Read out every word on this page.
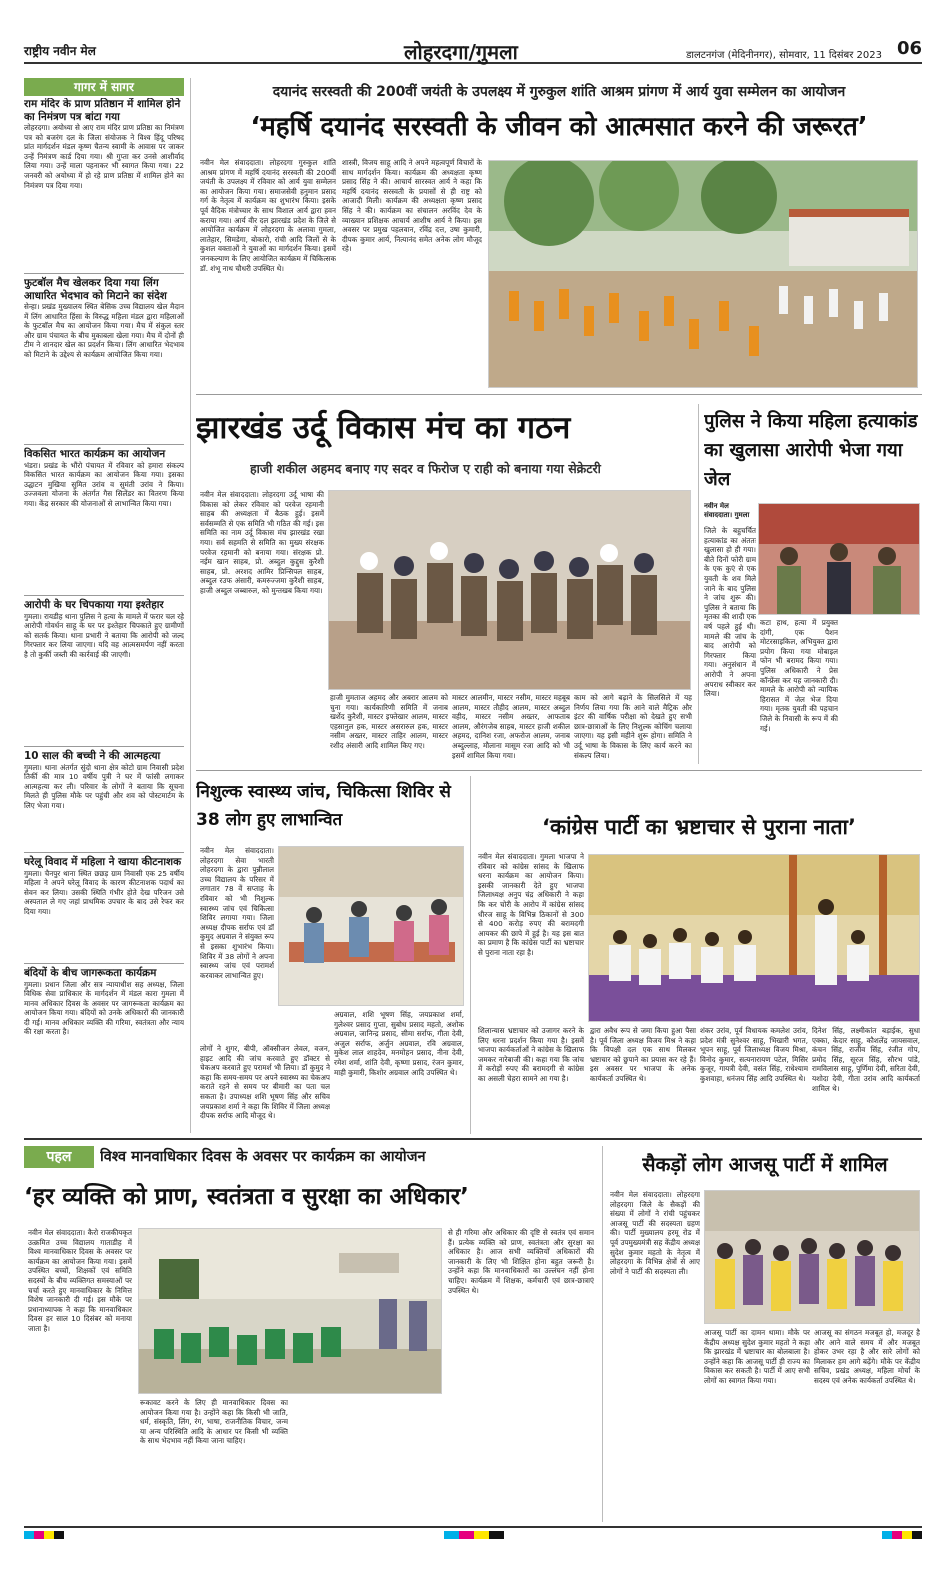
राष्ट्रीय नवीन मेल	लोहरदगा/गुमला	डालटनगंज (मेदिनीनगर), सोमवार, 11 दिसंबर 2023 06
गागर में सागर
राम मंदिर के प्राण प्रतिष्ठान में शामिल होने का निमंत्रण पत्र बांटा गया
लोहरदगा। अयोध्या से आए राम मंदिर प्राण प्रतिष्ठा का निमंत्रण पत्र को बजरंग दल के जिला संयोजक ने विश्व हिंदू परिषद प्रांत मार्गदर्शन मंडल कृष्ण चैतन्य स्वामी के आवास पर जाकर उन्हें निमंत्रण कार्ड दिया गया। श्री गुप्ता कर उनसे आशीर्वाद लिया गया। उन्हें माला पहनाकर भी स्वागत किया गया। 22 जनवरी को अयोध्या में हो रहे प्राण प्रतिष्ठा में शामिल होने का निमंत्रण पत्र दिया गया।
फुटबॉल मैच खेलकर दिया गया लिंग आधारित भेदभाव को मिटाने का संदेश
सेन्हा। प्रखंड मुख्यालय स्थित बेसिक उच्च विद्यालय खेल मैदान में लिंग आधारित हिंसा के विरुद्ध महिला मंडल द्वारा महिलाओं के फुटबॉल मैच का आयोजन किया गया। मैच में संकुल स्तर और ग्राम पंचायत के बीच मुकाबला खेला गया। मैच में दोनों ही टीम ने शानदार खेल का प्रदर्शन किया। लिंग आधारित भेदभाव को मिटाने के उद्देश्य से कार्यक्रम आयोजित किया गया।
विकसित भारत कार्यक्रम का आयोजन
भंडरा। प्रखंड के भौंरो पंचायत में रविवार को हमारा संकल्प विकसित भारत कार्यक्रम का आयोजन किया गया। इसका उद्घाटन मुखिया सुमित उरांव व सुमंती उरांव ने किया। उज्जवला योजना के अंतर्गत गैस सिलेंडर का वितरण किया गया। केंद्र सरकार की योजनाओं से लाभान्वित किया गया।
आरोपी के घर चिपकाया गया इश्तेहार
गुमला। रायडीह थाना पुलिस ने हत्या के मामले में फरार चल रहे आरोपी गोवर्धन साहू के घर पर इश्तेहार चिपकाते हुए ग्रामीणों को सतर्क किया। थाना प्रभारी ने बताया कि आरोपी को जल्द गिरफ्तार कर लिया जाएगा। यदि वह आत्मसमर्पण नहीं करता है तो कुर्की जब्ती की कार्रवाई की जाएगी।
10 साल की बच्ची ने की आत्महत्या
गुमला। थाना अंतर्गत सुंदो थाना क्षेत्र कोटो ग्राम निवासी प्रदेश तिर्की की मात्र 10 वर्षीय पुत्री ने घर में फांसी लगाकर आत्महत्या कर ली। परिवार के लोगों ने बताया कि सूचना मिलते ही पुलिस मौके पर पहुंची और शव को पोस्टमार्टम के लिए भेजा गया।
घरेलू विवाद में महिला ने खाया कीटनाशक
गुमला। चैनपुर थाना स्थित छछड़ ग्राम निवासी एक 25 वर्षीय महिला ने अपने घरेलू विवाद के कारण कीटनाशक पदार्थ का सेवन कर लिया। उसकी स्थिति गंभीर होते देख परिजन उसे अस्पताल ले गए जहां प्राथमिक उपचार के बाद उसे रेफर कर दिया गया।
बंदियों के बीच जागरूकता कार्यक्रम
गुमला। प्रधान जिला और सत्र न्यायाधीश सह अध्यक्ष, जिला विधिक सेवा प्राधिकार के मार्गदर्शन में मंडल कारा गुमला में मानव अधिकार दिवस के अवसर पर जागरूकता कार्यक्रम का आयोजन किया गया। बंदियों को उनके अधिकारों की जानकारी दी गई। मानव अधिकार व्यक्ति की गरिमा, स्वतंत्रता और न्याय की रक्षा करता है।
दयानंद सरस्वती की 200वीं जयंती के उपलक्ष्य में गुरुकुल शांति आश्रम प्रांगण में आर्य युवा सम्मेलन का आयोजन
‘महर्षि दयानंद सरस्वती के जीवन को आत्मसात करने की जरूरत’
नवीन मेल संवाददाता। लोहरदगा गुरुकुल शांति आश्रम प्रांगण में महर्षि दयानंद सरस्वती की 200वीं जयंती के उपलक्ष्य में रविवार को आर्य युवा सम्मेलन का आयोजन किया गया। समाजसेवी हनुमान प्रसाद गर्ग के नेतृत्व में कार्यक्रम का शुभारंभ किया। इसके पूर्व वैदिक मंत्रोच्चार के साथ विशाल आर्य द्वारा हवन कराया गया। आर्य वीर दल झारखंड प्रदेश के जिले से आयोजित कार्यक्रम में लोहरदगा के अलावा गुमला, लातेहार, सिमडेगा, बोकारो, रांची आदि जिलों से के कुशल वक्ताओं ने युवाओं का मार्गदर्शन किया। इसमें जनकल्याण के लिए आयोजित कार्यक्रम में चिकित्सक डॉ. शंभू नाथ चौधरी उपस्थित थे।
शास्त्री, विजय साहू आदि ने अपने महत्वपूर्ण विचारों के साथ मार्गदर्शन किया। कार्यक्रम की अध्यक्षता कृष्ण प्रसाद सिंह ने की। आचार्य सारस्वत आर्य ने कहा कि महर्षि दयानंद सरस्वती के प्रयासों से ही राष्ट्र को आजादी मिली। कार्यक्रम की अध्यक्षता कृष्ण प्रसाद सिंह ने की। कार्यक्रम का संचालन अरविंद देव के व्याख्यान प्रशिक्षक आचार्य आशीष आर्य ने किया। इस अवसर पर प्रमुख पहलवान, रविंद्र दत्त, उषा कुमारी, दीपक कुमार आर्य, नित्यानंद समेत अनेक लोग मौजूद रहे।
झारखंड उर्दू विकास मंच का गठन
हाजी शकील अहमद बनाए गए सदर व फिरोज ए राही को बनाया गया सेक्रेटरी
नवीन मेल संवाददाता। लोहरदगा उर्दू भाषा की विकास को लेकर रविवार को परवेज रहमानी साहब की अध्यक्षता में बैठक हुई। इसमें सर्वसम्मति से एक समिति भी गठित की गई। इस समिति का नाम उर्दू विकास मंच झारखंड रखा गया। सर्व सहमति से समिति का मुख्य संरक्षक परवेज रहमानी को बनाया गया। संरक्षक प्रो. नईम खान साहब, प्रो. अब्दुल कुद्दुस कुरैशी साहब, प्रो. अरशद आमिर प्रिन्सिपल साहब, अब्दुल रउफ अंसारी, कमरुज्जमा कुरैशी साहब, हाजी अब्दुल जब्बारुल, को मुन्तखब किया गया।
हाजी मुमताज अहमद और अबरार आलम को चुना गया। कार्यकारिणी समिति में जनाब खर्शेद कुरैशी, मास्टर इफ्तेखार आलम, मास्टर एहसानुल हक, मास्टर असरारुल हक, मास्टर नसीम अख्तर, मास्टर ताहिर आलम, मास्टर रशीद अंसारी आदि शामिल किए गए।
मास्टर आलमीन, मास्टर नसीम, मास्टर महबूब आलम, मास्टर तौहीद आलम, मास्टर अब्दुल वहीद, मास्टर नसीम अख्तर, आफताब आलम, औरंगजेब साहब, मास्टर हाजी शकील अहमद, दानिश रजा, अफरोज आलम, जनाब अब्दुल्लाह, मौलाना मासूम रजा आदि को भी इसमें शामिल किया गया।
काम को आगे बढ़ाने के सिलसिले में यह निर्णय लिया गया कि आने वाले मैट्रिक और इंटर की वार्षिक परीक्षा को देखते हुए सभी छात्र-छात्राओं के लिए निशुल्क कोचिंग चलाया जाएगा। यह इसी महीने शुरू होगा। समिति ने उर्दू भाषा के विकास के लिए कार्य करने का संकल्प लिया।
पुलिस ने किया महिला हत्याकांड का खुलासा आरोपी भेजा गया जेल
नवीन मेल संवाददाता। गुमला
जिले के बहुचर्चित हत्याकांड का अंततः खुलासा हो ही गया। बीते दिनों फोरी ग्राम के एक कुएं से एक युवती के शव मिले जाने के बाद पुलिस ने जांच शुरू की। पुलिस ने बताया कि मृतका की शादी एक वर्ष पहले हुई थी। मामले की जांच के बाद आरोपी को गिरफ्तार किया गया। अनुसंधान में आरोपी ने अपना अपराध स्वीकार कर लिया।
कटा हाथ, हत्या में प्रयुक्त दांगी, एक पैशन मोटरसाइकिल, अभियुक्त द्वारा प्रयोग किया गया मोबाइल फोन भी बरामद किया गया। पुलिस अधिकारी ने प्रेस कॉन्फ्रेंस कर यह जानकारी दी। मामले के आरोपी को न्यायिक हिरासत में जेल भेज दिया गया। मृतक युवती की पहचान जिले के निवासी के रूप में की गई।
निशुल्क स्वास्थ्य जांच, चिकित्सा शिविर से 38 लोग हुए लाभान्वित
नवीन मेल संवाददाता। लोहरदगा सेवा भारती लोहरदगा के द्वारा पुन्नीलाल उच्च विद्यालय के परिसर में लगातार 78 वें सप्ताह के रविवार को भी निशुल्क स्वास्थ्य जांच एवं चिकित्सा शिविर लगाया गया। जिला अध्यक्ष दीपक सर्राफ एवं डॉ कुमुद अग्रवाल ने संयुक्त रूप से इसका शुभारंभ किया। शिविर में 38 लोगों ने अपना स्वास्थ्य जांच एवं परामर्श करवाकर लाभान्वित हुए।
लोगों ने शुगर, बीपी, ऑक्सीजन लेवल, वजन, हाइट आदि की जांच करवाते हुए डॉक्टर से चेकअप करवाते हुए परामर्श भी लिया। डॉ कुमुद ने कहा कि समय-समय पर अपने स्वास्थ्य का चेकअप कराते रहने से समय पर बीमारी का पता चल सकता है। उपाध्यक्ष शशि भूषण सिंह और सचिव जयप्रकाश शर्मा ने कहा कि शिविर में जिला अध्यक्ष दीपक सर्राफ आदि मौजूद थे।
अग्रवाल, शशि भूषण सिंह, जयप्रकाश शर्मा, गुलेश्वर प्रसाद गुप्ता, सुबोध प्रसाद महतो, अशोक अग्रवाल, जानिन्द्र प्रसाद, सीमा सर्राफ, गीता देवी, अजुल सर्राफ, अर्जुन अग्रवाल, रवि अग्रवाल, मुकेश लाल शाहदेव, मनमोहन प्रसाद, नीना देवी, रमेश शर्मा, शांति देवी, कृष्णा प्रसाद, रंजन कुमार, माही कुमारी, किशोर अग्रवाल आदि उपस्थित थे।
‘कांग्रेस पार्टी का भ्रष्टाचार से पुराना नाता’
नवीन मेल संवाददाता। गुमला भाजपा ने रविवार को कांग्रेस सांसद के खिलाफ धरना कार्यक्रम का आयोजन किया। इसकी जानकारी देते हुए भाजपा जिलाध्यक्ष अनुप चंद्र अधिकारी ने कहा कि कर चोरी के आरोप में कांग्रेस सांसद धीरज साहू के विभिन्न ठिकानों से 300 से 400 करोड़ रुपए की बरामदगी आयकर की छापे में हुई है। यह इस बात का प्रमाण है कि कांग्रेस पार्टी का भ्रष्टाचार से पुराना नाता रहा है।
शिलान्यास भ्रष्टाचार को उजागर करने के लिए धरना प्रदर्शन किया गया है। इसमें भाजपा कार्यकर्ताओं ने कांग्रेस के खिलाफ जमकर नारेबाजी की। कहा गया कि जांच में करोड़ों रुपए की बरामदगी से कांग्रेस का असली चेहरा सामने आ गया है।
द्वारा अवैध रूप से जमा किया हुआ पैसा है। पूर्व जिला अध्यक्ष विजय मिश्र ने कहा कि विपक्षी दल एक साथ मिलकर भ्रष्टाचार को छुपाने का प्रयास कर रहे हैं। इस अवसर पर भाजपा के अनेक कार्यकर्ता उपस्थित थे।
शंकर उरांव, पूर्व विधायक कमलेश उरांव, प्रदेश मंत्री सुनेश्वर साहू, भिखारी भगत, भूपन साहू, पूर्व जिलाध्यक्ष विजय मिश्रा, विनोद कुमार, सत्यनारायण पटेल, मिसिर कुजूर, गायत्री देवी, वसंत सिंह, राधेश्याम कुशवाहा, धनंजय सिंह आदि उपस्थित थे।
दिनेश सिंह, लक्ष्मीकांत बड़ाईक, सुधा एक्का, केदार साहू, कौशलेंद्र जायसवाल, कंचन सिंह, राजीव सिंह, रंजीत गोप, प्रमोद सिंह, सूरज सिंह, सौरभ पांडे, रामविलास साहू, पूर्णिमा देवी, सरिता देवी, यशोदा देवी, गीता उरांव आदि कार्यकर्ता शामिल थे।
पहल	विश्व मानवाधिकार दिवस के अवसर पर कार्यक्रम का आयोजन
‘हर व्यक्ति को प्राण, स्वतंत्रता व सुरक्षा का अधिकार’
नवीन मेल संवाददाता। कैरो राजकीयकृत उत्क्रमित उच्च विद्यालय गाताडीह में विश्व मानवाधिकार दिवस के अवसर पर कार्यक्रम का आयोजन किया गया। इसमें उपस्थित बच्चों, शिक्षकों एवं समिति सदस्यों के बीच व्यक्तिगत समस्याओं पर चर्चा करते हुए मानवाधिकार के निमित्त विशेष जानकारी दी गई। इस मौके पर प्रधानाध्यापक ने कहा कि मानवाधिकार दिवस हर साल 10 दिसंबर को मनाया जाता है।
रूकावट करने के लिए ही मानवाधिकार दिवस का आयोजन किया गया है। उन्होंने कहा कि किसी भी जाति, धर्म, संस्कृति, लिंग, रंग, भाषा, राजनीतिक विचार, जन्म या अन्य परिस्थिति आदि के आधार पर किसी भी व्यक्ति के साथ भेदभाव नहीं किया जाना चाहिए।
से ही गरिमा और अधिकार की दृष्टि से स्वतंत्र एवं समान हैं। प्रत्येक व्यक्ति को प्राण, स्वतंत्रता और सुरक्षा का अधिकार है। आज सभी व्यक्तियों अधिकारों की जानकारी के लिए भी शिक्षित होना बहुत जरूरी है। उन्होंने कहा कि मानवाधिकारों का उल्लंघन नहीं होना चाहिए। कार्यक्रम में शिक्षक, कर्मचारी एवं छात्र-छात्राएं उपस्थित थे।
सैकड़ों लोग आजसू पार्टी में शामिल
नवीन मेल संवाददाता। लोहरदगा लोहरदगा जिले के सैकड़ों की संख्या में लोगों ने रांची पहुंचकर आजसू पार्टी की सदस्यता ग्रहण की। पार्टी मुख्यालय हरमू रोड में पूर्व उपमुख्यमंत्री सह केंद्रीय अध्यक्ष सुदेश कुमार महतो के नेतृत्व में लोहरदगा के विभिन्न क्षेत्रों से आए लोगों ने पार्टी की सदस्यता ली।
आजसू पार्टी का दामन थामा। मौके पर केंद्रीय अध्यक्ष सुदेश कुमार महतो ने कहा कि झारखंड में भ्रष्टाचार का बोलबाला है। उन्होंने कहा कि आजसू पार्टी ही राज्य का विकास कर सकती है। पार्टी में आए सभी लोगों का स्वागत किया गया।
आजसू का संगठन मजबूत हो, मजदूर है और आने वाले समय में और मजबूत होकर उभर रहा है और सारे लोगों को मिलाकर हम आगे बढ़ेंगे। मौके पर केंद्रीय सचिव, प्रखंड अध्यक्ष, महिला मोर्चा के सदस्य एवं अनेक कार्यकर्ता उपस्थित थे।
